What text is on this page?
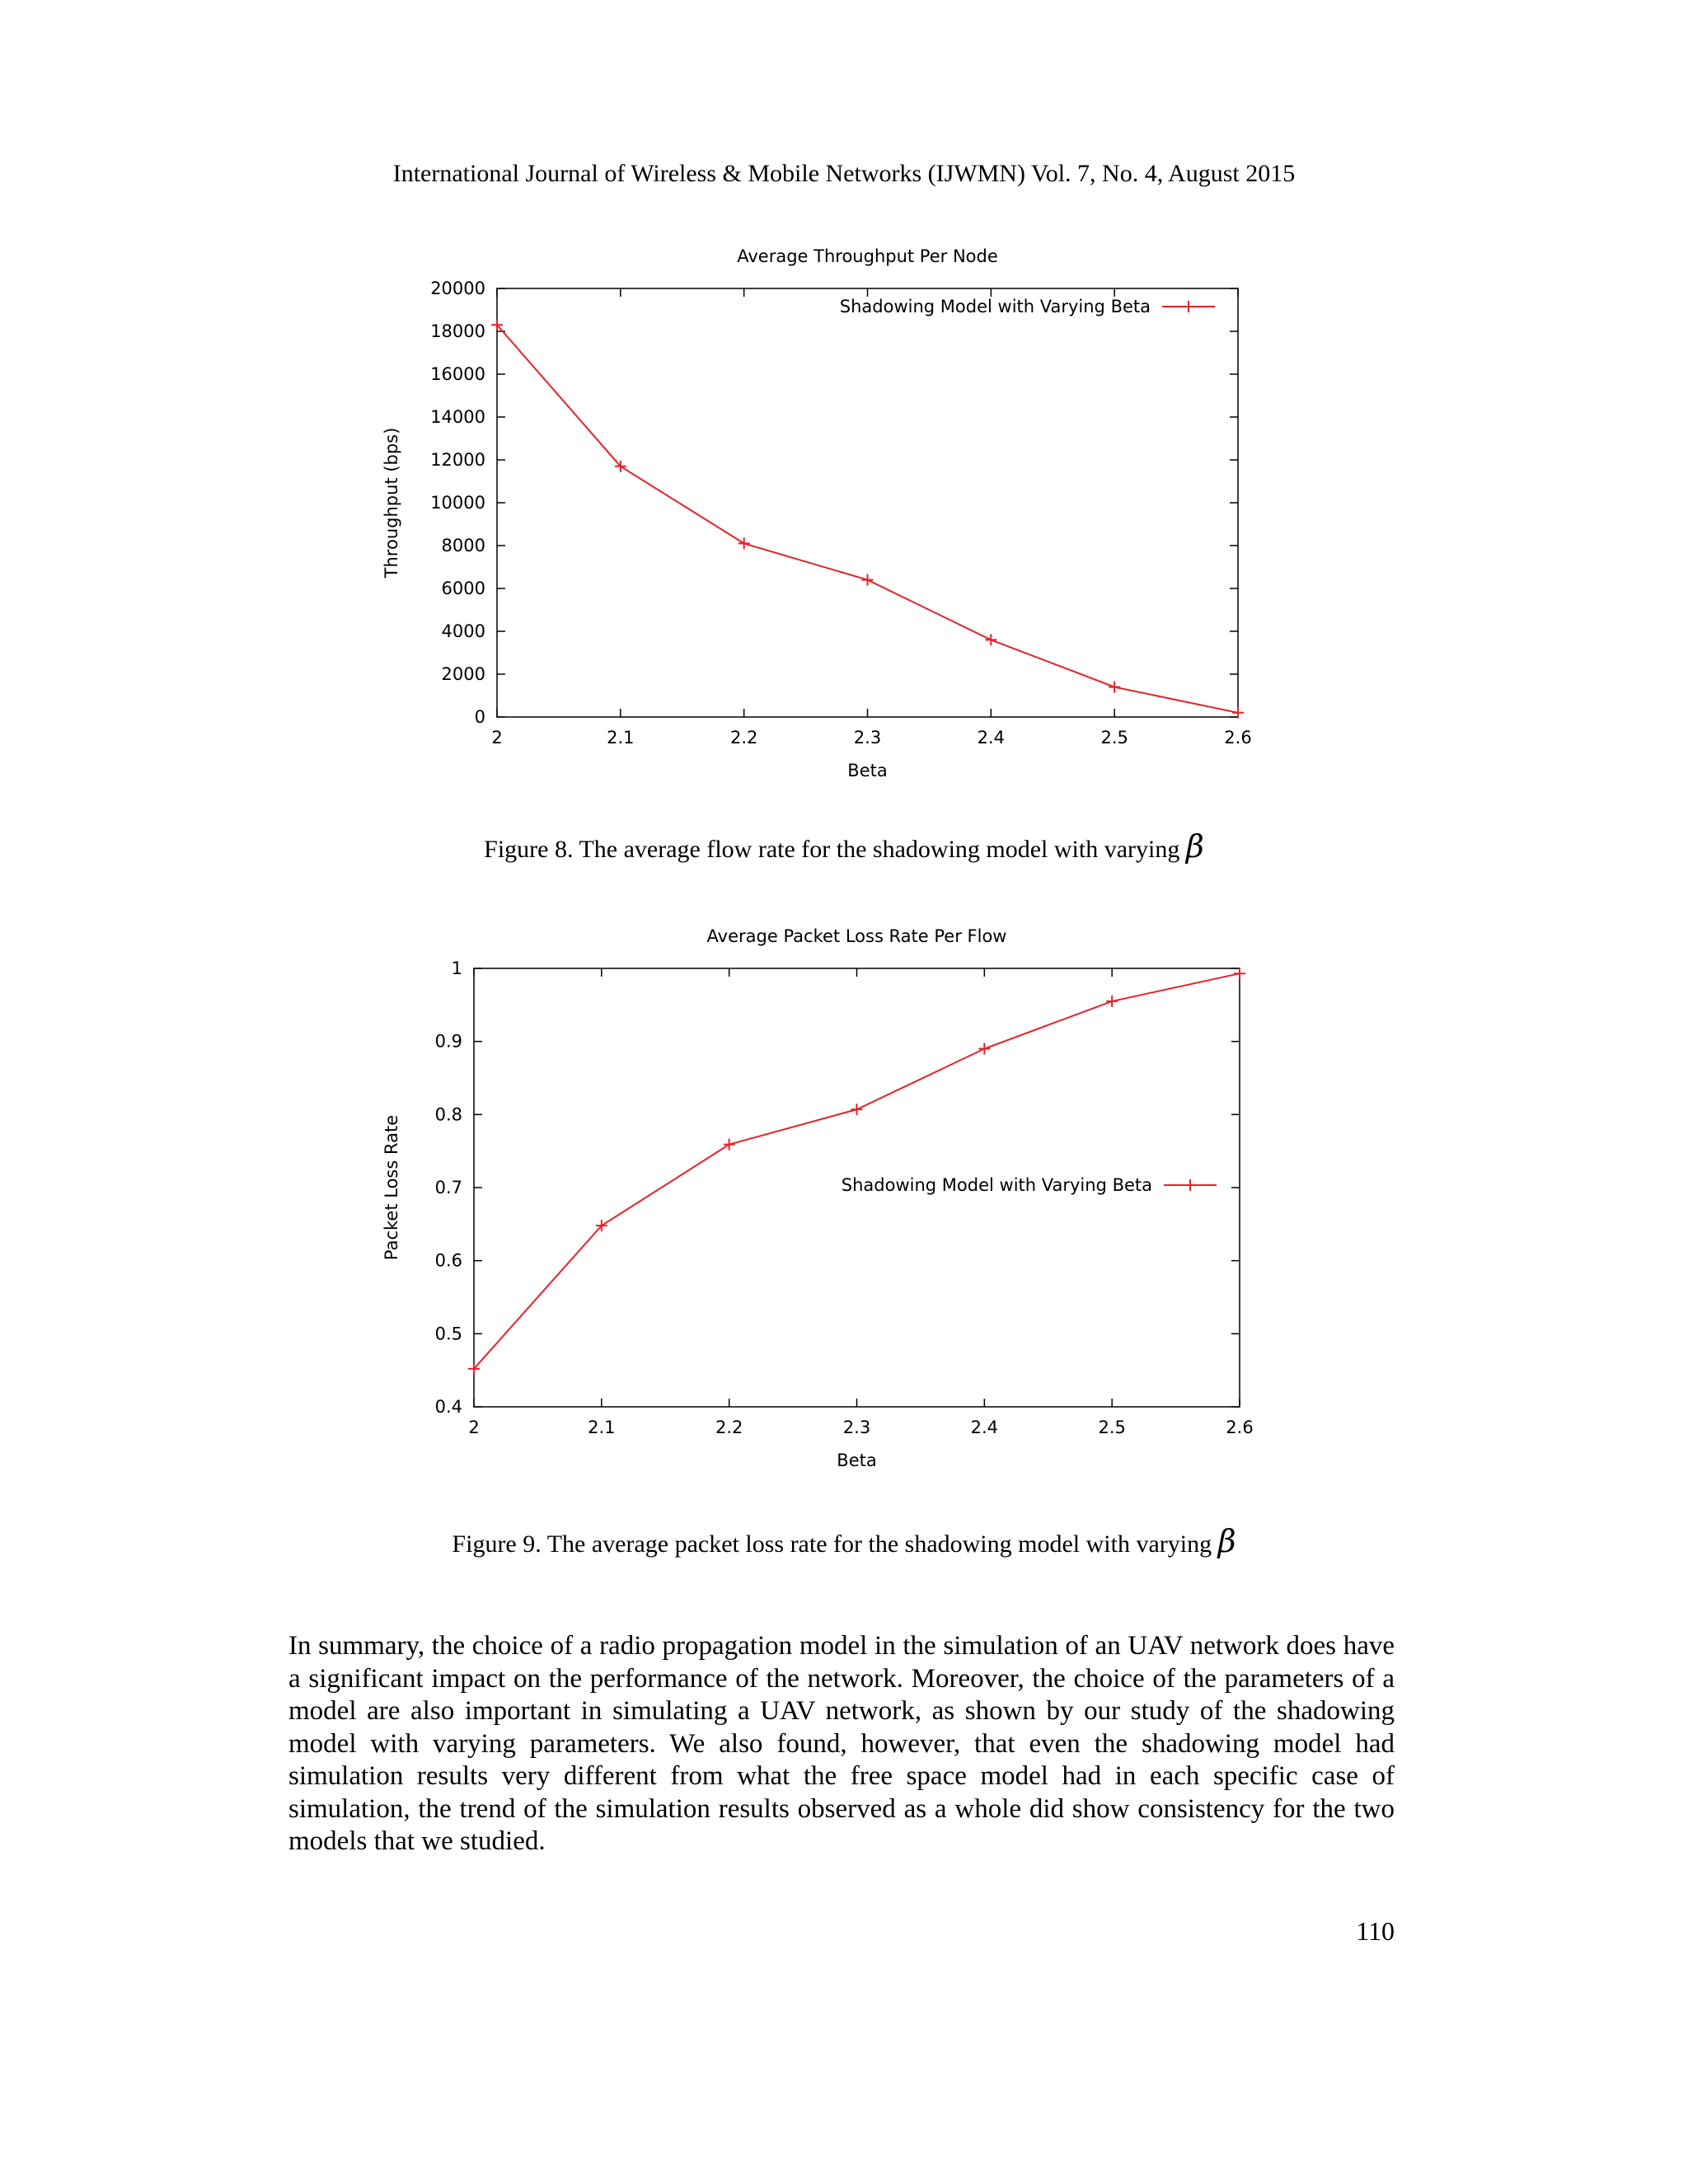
International Journal of Wireless & Mobile Networks (IJWMN) Vol. 7, No. 4, August 2015
Average Throughput Per Node
2	2.1	2.2	2.3	2.4	2.5	2.6
0
2000
4000
6000
8000
10000
12000
14000
16000
18000
20000
Beta
Throughput (bps)
Shadowing Model with Varying Beta
Figure 8. The average flow rate for the shadowing model with varying β
Average Packet Loss Rate Per Flow
2	2.1	2.2	2.3	2.4	2.5	2.6
0.4
0.5
0.6
0.7
0.8
0.9
1
Beta
Packet Loss Rate	Shadowing Model with Varying Beta
Figure 9. The average packet loss rate for the shadowing model with varying β
In summary, the choice of a radio propagation model in the simulation of an UAV network does have a significant impact on the performance of the network. Moreover, the choice of the parameters of a model are also important in simulating a UAV network, as shown by our study of the shadowing model with varying parameters. We also found, however, that even the shadowing model had simulation results very different from what the free space model had in each specific case of simulation, the trend of the simulation results observed as a whole did show consistency for the two models that we studied.
110
